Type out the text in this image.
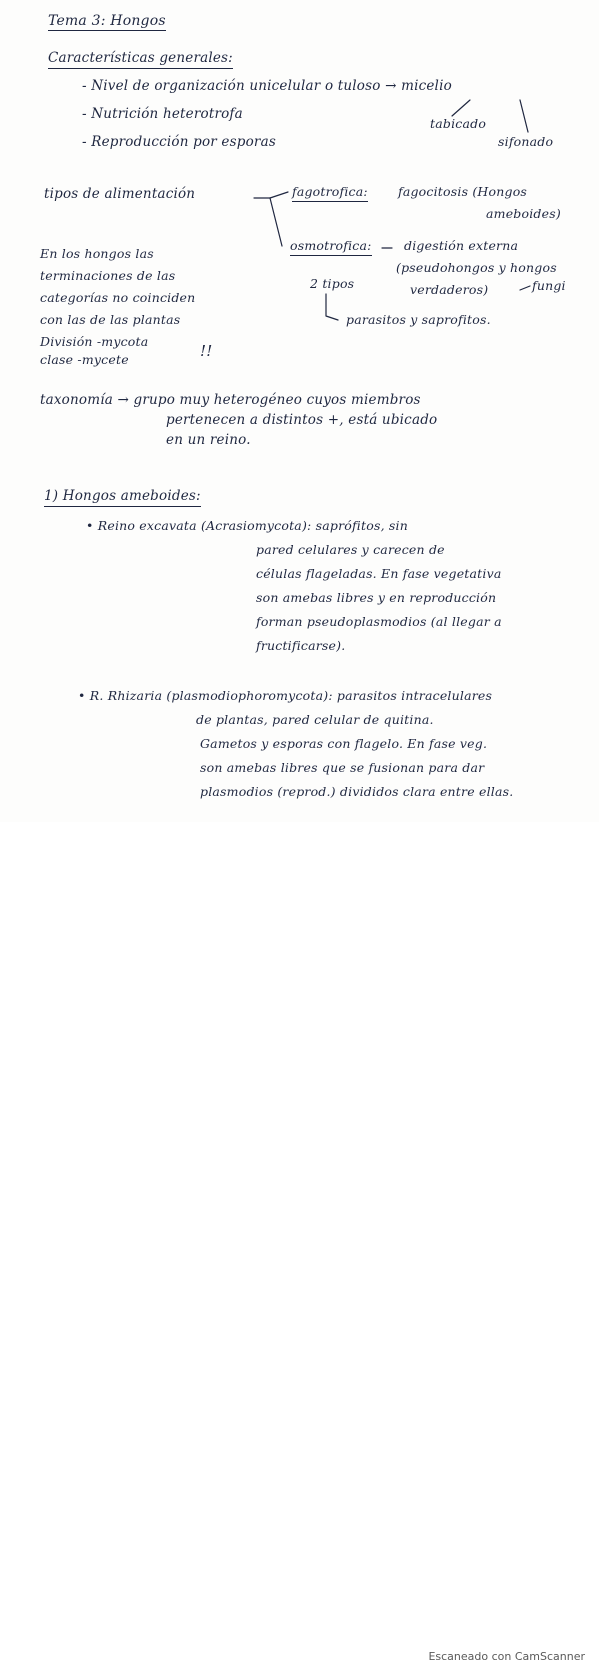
Tema 3: Hongos
Características generales:
- Nivel de organización unicelular o tuloso → micelio
- Nutrición heterotrofa
- Reproducción por esporas
tabicado
sifonado
tipos de alimentación	fagotrofica: fagocitosis (Hongos
ameboides)
osmotrofica:	digestión externa
(pseudohongos y hongos
verdaderos)	fungi
2 tipos
parasitos y saprofitos.
En los hongos las
terminaciones de las
categorías no coinciden
con las de las plantas
División -mycota
clase -mycete	!!
taxonomía → grupo muy heterogéneo cuyos miembros
pertenecen a distintos +, está ubicado
en un reino.
1) Hongos ameboides:
• Reino excavata (Acrasiomycota): saprófitos, sin
pared celulares y carecen de
células flageladas. En fase vegetativa
son amebas libres y en reproducción
forman pseudoplasmodios (al llegar a
fructificarse).
• R. Rhizaria (plasmodiophoromycota): parasitos intracelulares
de plantas, pared celular de quitina.
Gametos y esporas con flagelo. En fase veg.
son amebas libres que se fusionan para dar
plasmodios (reprod.) divididos clara entre ellas.
Escaneado con CamScanner
